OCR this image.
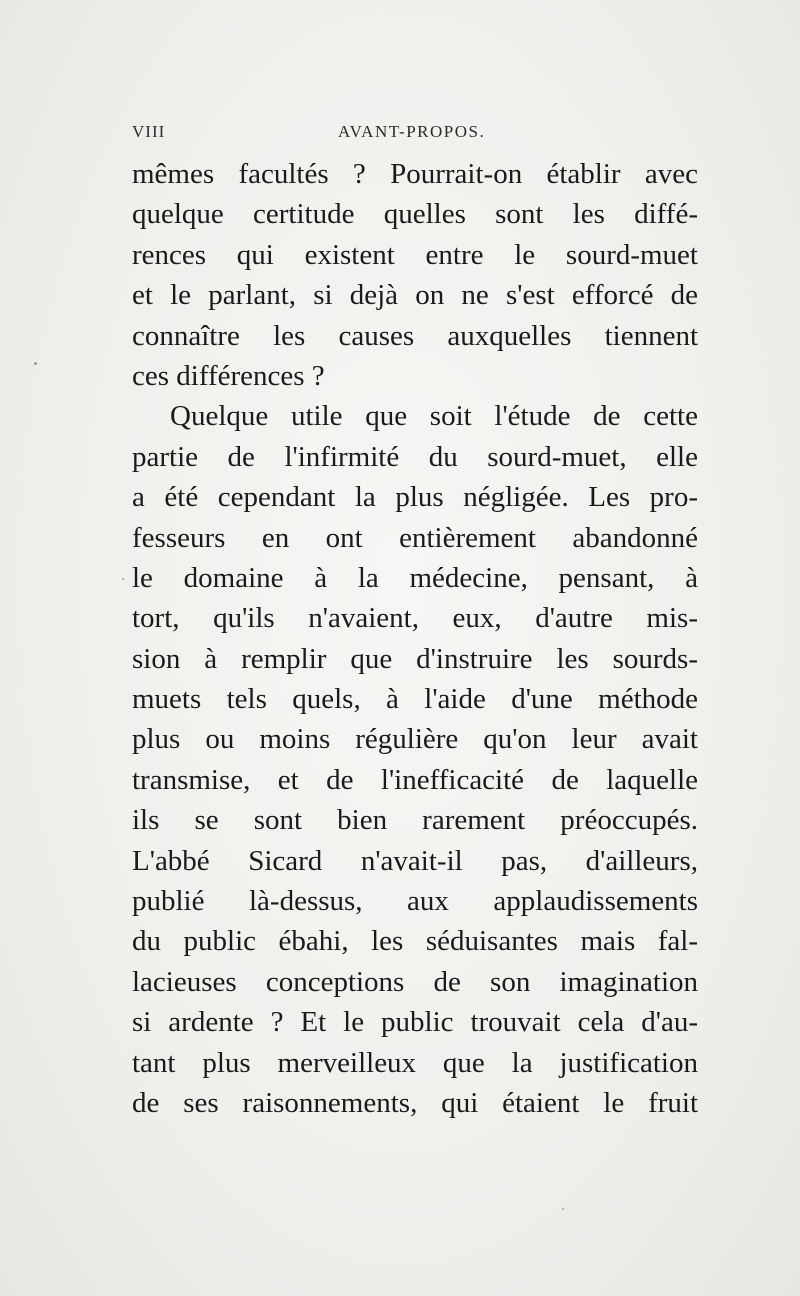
VIII	AVANT-PROPOS.
mêmes facultés ? Pourrait-on établir avec
quelque certitude quelles sont les diffé-
rences qui existent entre le sourd-muet
et le parlant, si dejà on ne s'est efforcé de
connaître les causes auxquelles tiennent
ces différences ?
Quelque utile que soit l'étude de cette
partie de l'infirmité du sourd-muet, elle
a été cependant la plus négligée. Les pro-
fesseurs en ont entièrement abandonné
le domaine à la médecine, pensant, à
tort, qu'ils n'avaient, eux, d'autre mis-
sion à remplir que d'instruire les sourds-
muets tels quels, à l'aide d'une méthode
plus ou moins régulière qu'on leur avait
transmise, et de l'inefficacité de laquelle
ils se sont bien rarement préoccupés.
L'abbé Sicard n'avait-il pas, d'ailleurs,
publié là-dessus, aux applaudissements
du public ébahi, les séduisantes mais fal-
lacieuses conceptions de son imagination
si ardente ? Et le public trouvait cela d'au-
tant plus merveilleux que la justification
de ses raisonnements, qui étaient le fruit
